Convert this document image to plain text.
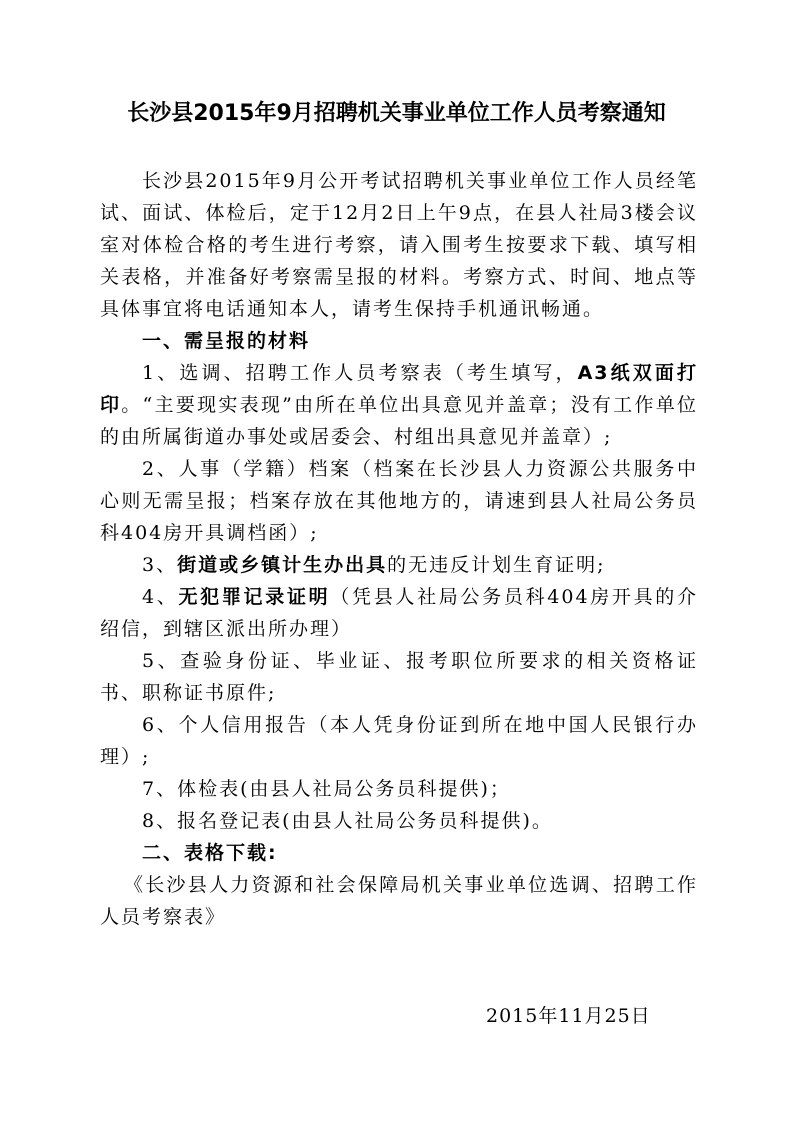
长沙县2015年9月招聘机关事业单位工作人员考察通知

长沙县2015年9月公开考试招聘机关事业单位工作人员经笔试、面试、体检后，定于12月2日上午9点，在县人社局3楼会议室对体检合格的考生进行考察，请入围考生按要求下载、填写相关表格，并准备好考察需呈报的材料。考察方式、时间、地点等具体事宜将电话通知本人，请考生保持手机通讯畅通。

一、需呈报的材料

1、选调、招聘工作人员考察表（考生填写，A3纸双面打印。“主要现实表现”由所在单位出具意见并盖章；没有工作单位的由所属街道办事处或居委会、村组出具意见并盖章）;

2、人事（学籍）档案（档案在长沙县人力资源公共服务中心则无需呈报；档案存放在其他地方的，请速到县人社局公务员科404房开具调档函）;

3、街道或乡镇计生办出具的无违反计划生育证明;

4、无犯罪记录证明（凭县人社局公务员科404房开具的介绍信，到辖区派出所办理）

5、查验身份证、毕业证、报考职位所要求的相关资格证书、职称证书原件;

6、个人信用报告（本人凭身份证到所在地中国人民银行办理）;

7、体检表(由县人社局公务员科提供)；

8、报名登记表(由县人社局公务员科提供)。

二、表格下载:

《长沙县人力资源和社会保障局机关事业单位选调、招聘工作人员考察表》

2015年11月25日
